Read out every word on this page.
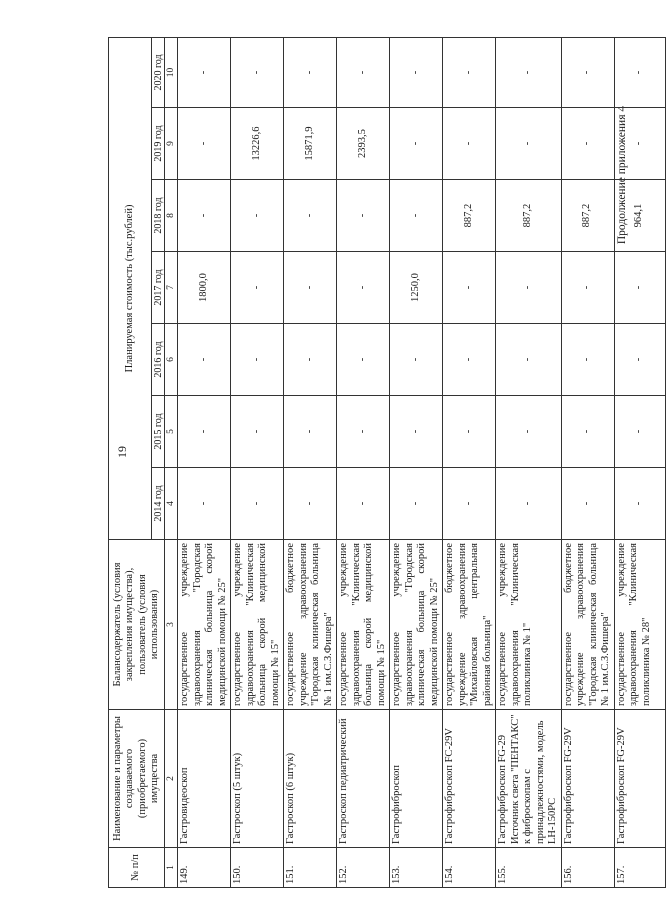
19
Продолжение приложения 4
№ п/п	Наименование и параметры создаваемого (приобретаемого) имущества	Балансодержатель (условия закрепления имущества), пользователь (условия использования)	Планируемая стоимость (тыс.рублей)						
			2014 год	2015 год	2016 год	2017 год	2018 год	2019 год	2020 год
1	2	3	4	5	6	7	8	9	10
149.	Гастровидеоскоп	государственное учреждение здравоохранения "Городская клиническая больница скорой медицинской помощи № 25"	-	-	-	1800,0	-	-	-
150.	Гастроскоп (5 штук)	государственное учреждение здравоохранения "Клиническая больница скорой медицинской помощи № 15"	-	-	-	-	-	13226,6	-
151.	Гастроскоп (6 штук)	государственное бюджетное учреждение здравоохранения "Городская клиническая больница № 1 им.С.З.Фишера"	-	-	-	-	-	15871,9	-
152.	Гастроскоп педиатрический	государственное учреждение здравоохранения "Клиническая больница скорой медицинской помощи № 15"	-	-	-	-	-	2393,5	-
153.	Гастрофиброскоп	государственное учреждение здравоохранения "Городская клиническая больница скорой медицинской помощи № 25"	-	-	-	1250,0	-	-	-
154.	Гастрофиброскоп FC-29V	государственное бюджетное учреждение здравоохранения "Михайловская центральная районная больница"	-	-	-	-	887,2	-	-
155.	Гастрофиброскоп FG-29 Источник света "ПЕНТАКС" к фиброскопам с принадлежностями, модель LH-150PC	государственное учреждение здравоохранения "Клиническая поликлиника № 1"	-	-	-	-	887,2	-	-
156.	Гастрофиброскоп FG-29V	государственное бюджетное учреждение здравоохранения "Городская клиническая больница № 1 им.С.З.Фишера"	-	-	-	-	887,2	-	-
157.	Гастрофиброскоп FG-29V	государственное учреждение здравоохранения "Клиническая поликлиника № 28"	-	-	-	-	964,1	-	-
